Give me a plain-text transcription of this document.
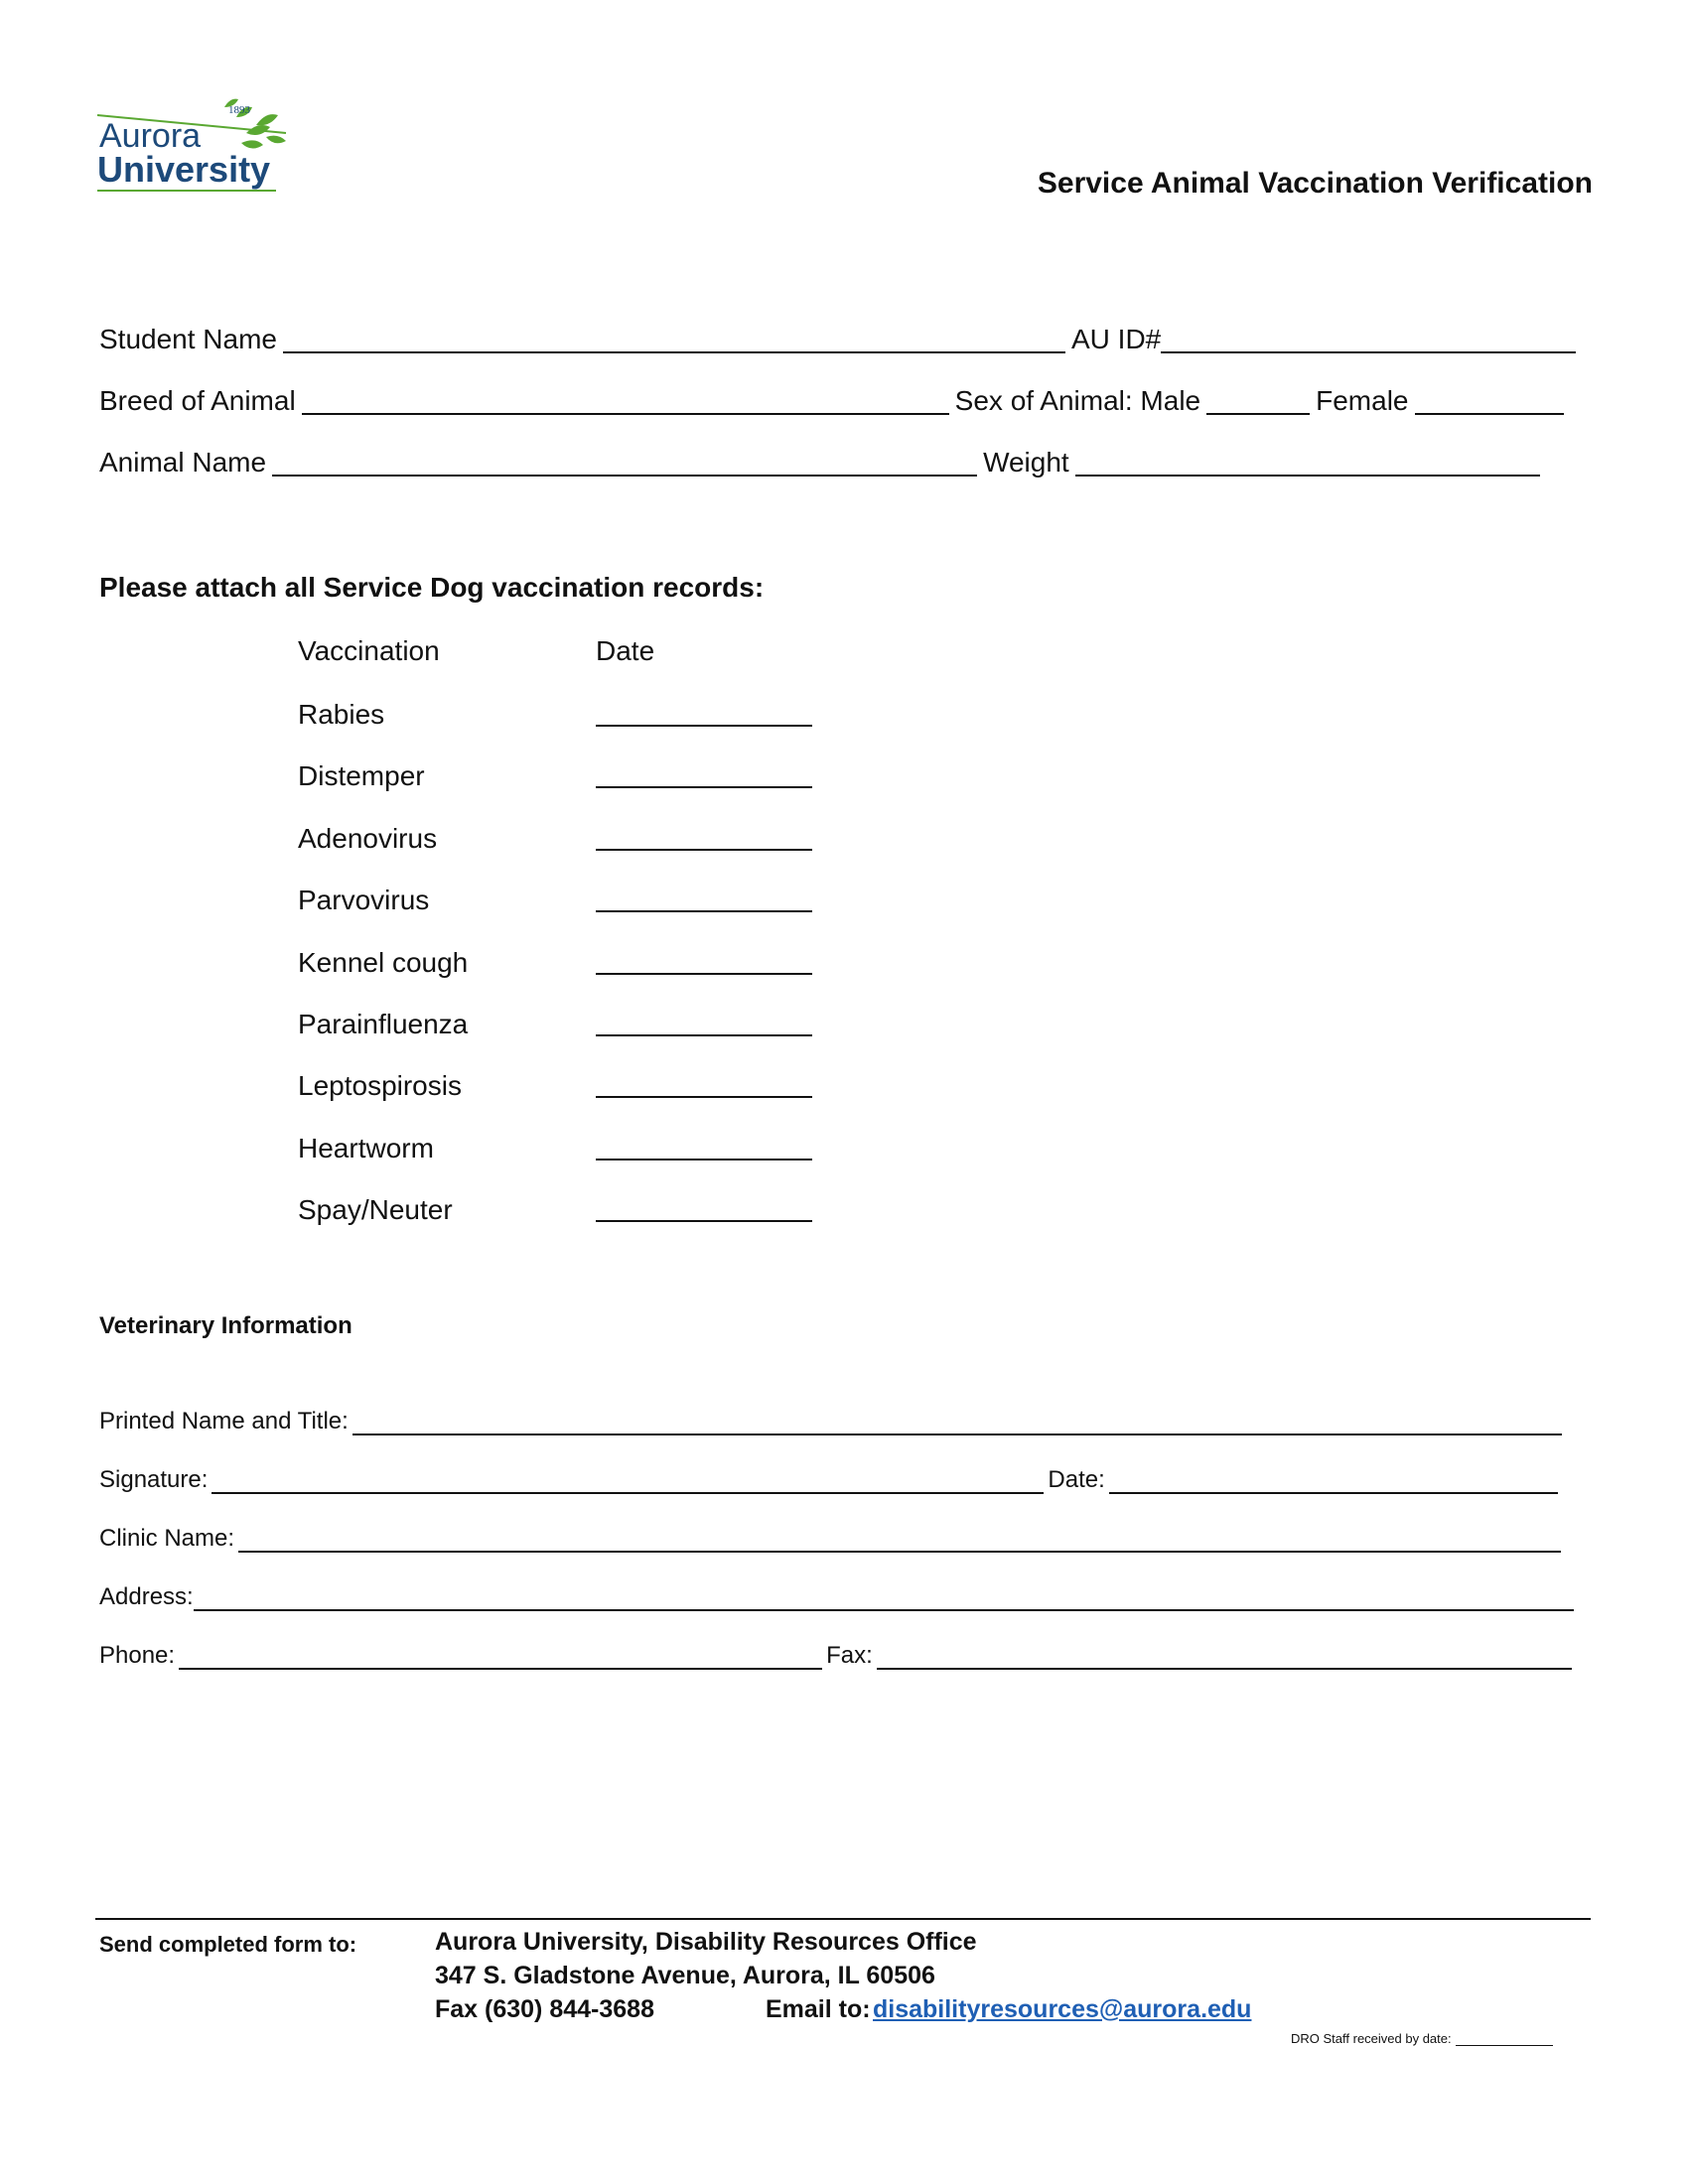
1893
Aurora
University	Service Animal Vaccination Verification
Student Name	AU ID#
Breed of Animal	Sex of Animal: Male	Female
Animal Name	Weight
Please attach all Service Dog vaccination records:
Vaccination	Date
Rabies
Distemper
Adenovirus
Parvovirus
Kennel cough
Parainfluenza
Leptospirosis
Heartworm
Spay/Neuter
Veterinary Information
Printed Name and Title:
Signature:	Date:
Clinic Name:
Address:
Phone:	Fax:
Send completed form to:	Aurora University, Disability Resources Office
347 S. Gladstone Avenue, Aurora, IL 60506
Fax (630) 844-3688	Email to: disabilityresources@aurora.edu
DRO Staff received by date:
